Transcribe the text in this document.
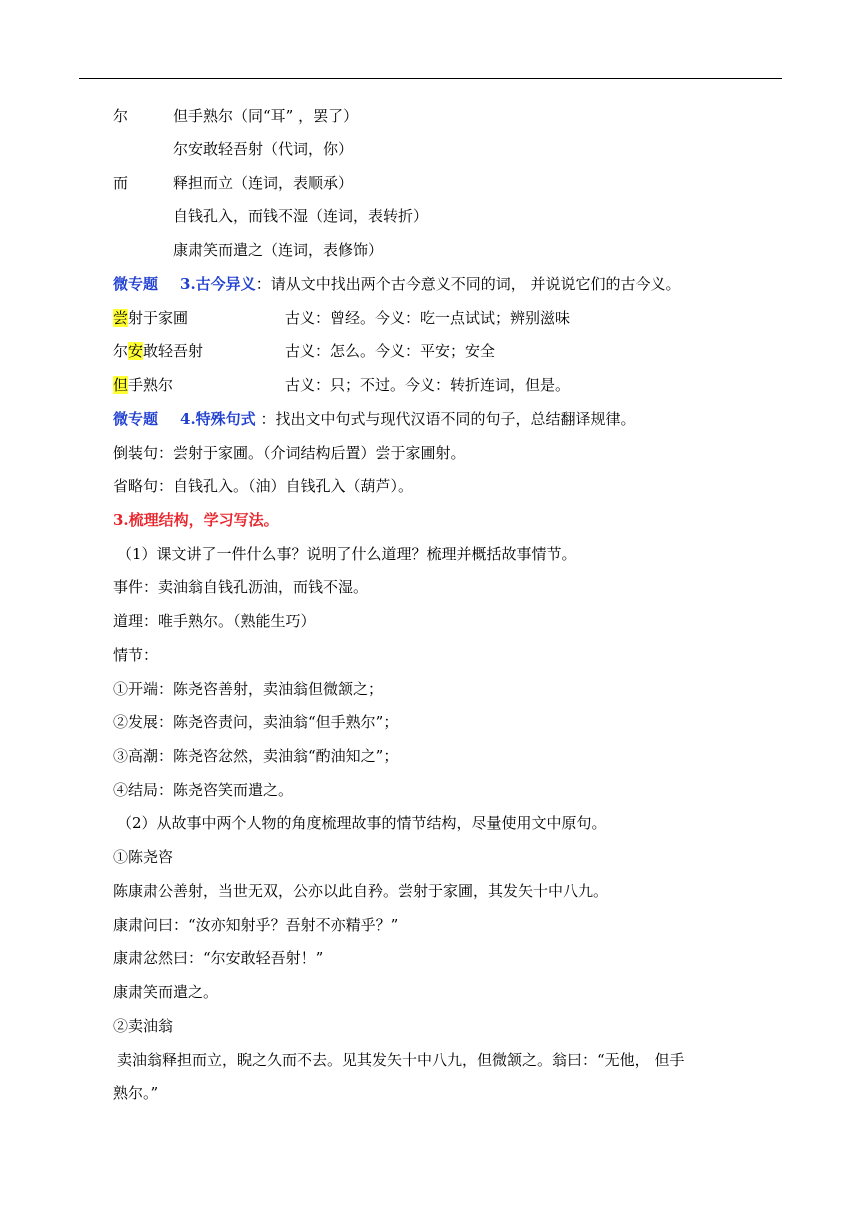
尔	但手熟尔（同“耳” ，罢了）
尔安敢轻吾射（代词，你）
而	释担而立（连词，表顺承）
自钱孔入，而钱不湿（连词，表转折）
康肃笑而遣之（连词，表修饰）
微专题 3.古今异义：请从文中找出两个古今意义不同的词， 并说说它们的古今义。
尝射于家圃	古义：曾经。今义：吃一点试试；辨别滋味
尔安敢轻吾射	古义：怎么。今义：平安；安全
但手熟尔	古义：只；不过。今义：转折连词，但是。
微专题 4.特殊句式 ：找出文中句式与现代汉语不同的句子，总结翻译规律。
倒装句：尝射于家圃。（介词结构后置）尝于家圃射。
省略句：自钱孔入。（油）自钱孔入（葫芦）。
3.梳理结构，学习写法。
（1）课文讲了一件什么事？说明了什么道理？梳理并概括故事情节。
事件：卖油翁自钱孔沥油，而钱不湿。
道理：唯手熟尔。（熟能生巧）
情节：
①开端：陈尧咨善射，卖油翁但微颔之；
②发展：陈尧咨责问，卖油翁“但手熟尔”；
③高潮：陈尧咨忿然，卖油翁“酌油知之”；
④结局：陈尧咨笑而遣之。
（2）从故事中两个人物的角度梳理故事的情节结构，尽量使用文中原句。
①陈尧咨
陈康肃公善射，当世无双，公亦以此自矜。尝射于家圃，其发矢十中八九。
康肃问曰：“汝亦知射乎？吾射不亦精乎？”
康肃忿然曰：“尔安敢轻吾射！”
康肃笑而遣之。
②卖油翁
卖油翁释担而立，睨之久而不去。见其发矢十中八九，但微颔之。翁曰：“无他， 但手
熟尔。”
